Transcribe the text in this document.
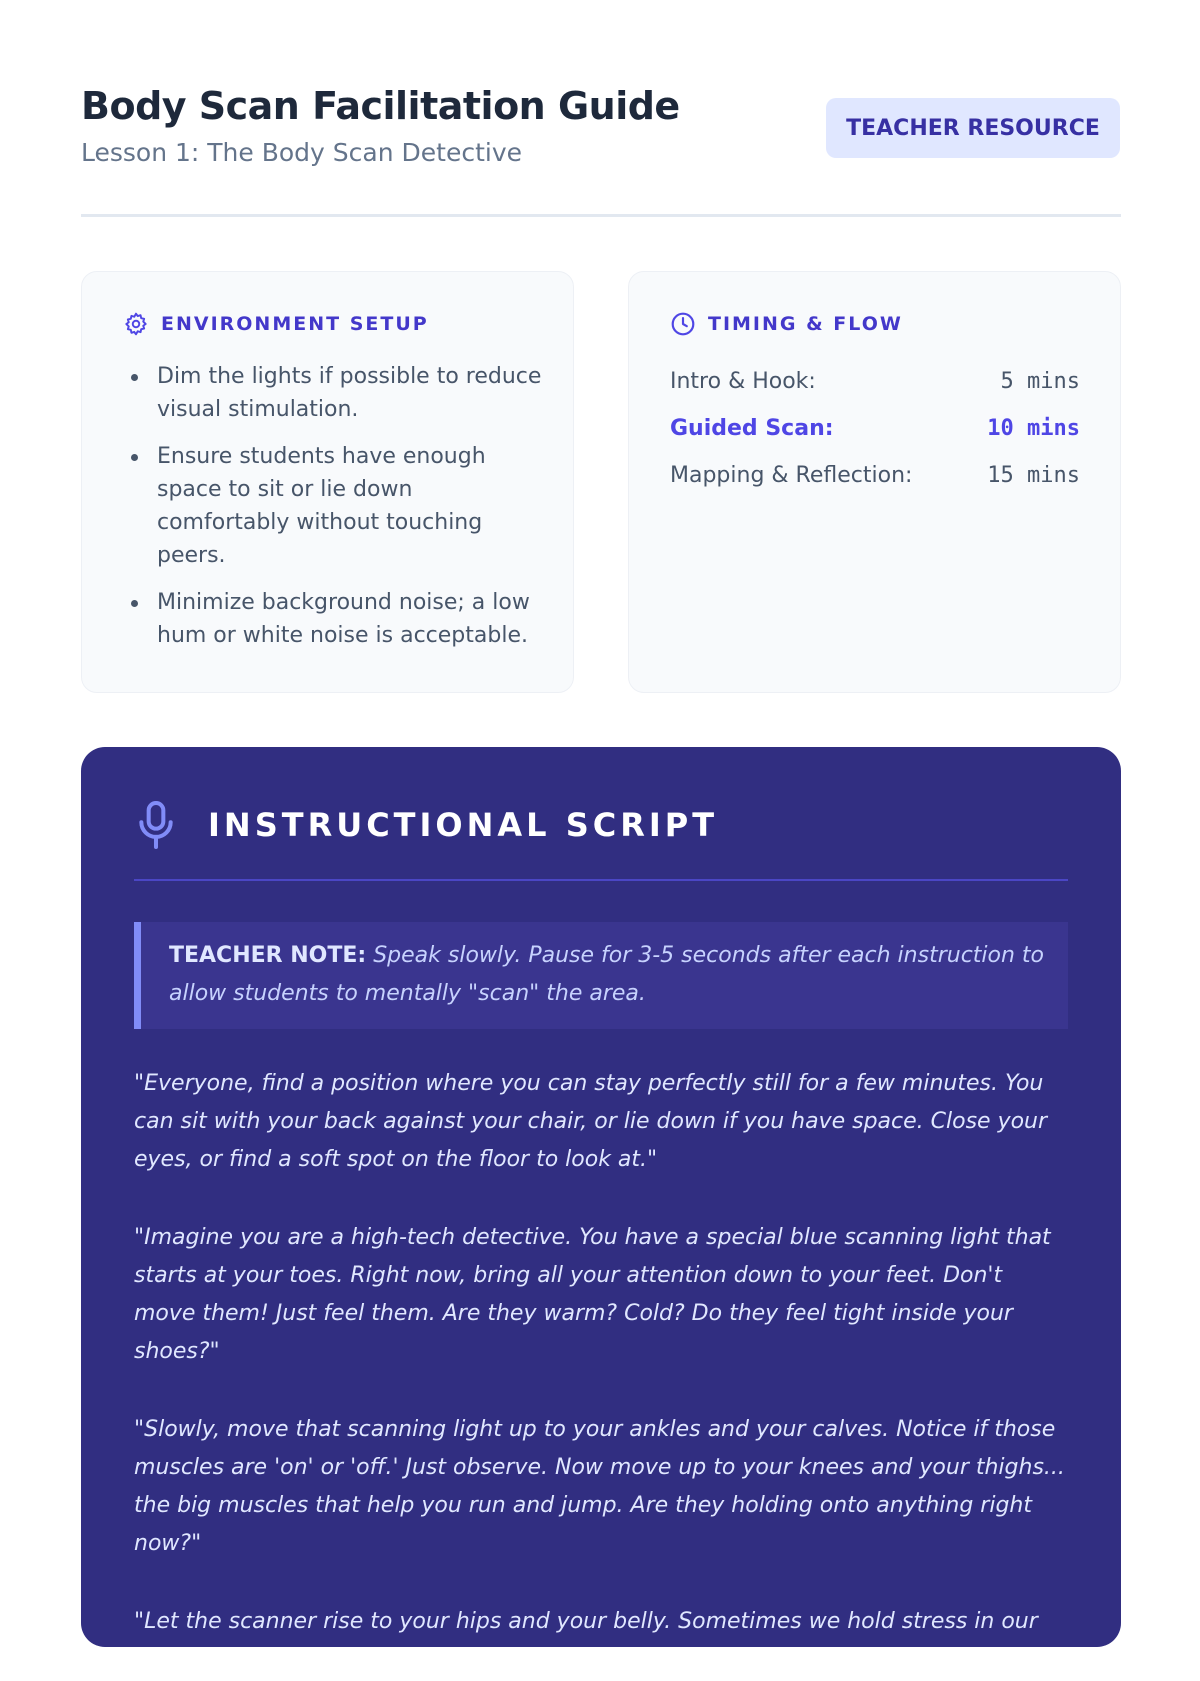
Body Scan Facilitation Guide
Lesson 1: The Body Scan Detective
TEACHER RESOURCE
ENVIRONMENT SETUP
Dim the lights if possible to reduce visual stimulation.
Ensure students have enough space to sit or lie down comfortably without touching peers.
Minimize background noise; a low hum or white noise is acceptable.
TIMING & FLOW
Intro & Hook:	5 mins
Guided Scan:	10 mins
Mapping & Reflection:	15 mins
INSTRUCTIONAL SCRIPT
TEACHER NOTE: Speak slowly. Pause for 3-5 seconds after each instruction to allow students to mentally "scan" the area.

"Everyone, find a position where you can stay perfectly still for a few minutes. You can sit with your back against your chair, or lie down if you have space. Close your eyes, or find a soft spot on the floor to look at."

"Imagine you are a high-tech detective. You have a special blue scanning light that starts at your toes. Right now, bring all your attention down to your feet. Don't move them! Just feel them. Are they warm? Cold? Do they feel tight inside your shoes?"

"Slowly, move that scanning light up to your ankles and your calves. Notice if those muscles are 'on' or 'off.' Just observe. Now move up to your knees and your thighs... the big muscles that help you run and jump. Are they holding onto anything right now?"

"Let the scanner rise to your hips and your belly. Sometimes we hold stress in our
